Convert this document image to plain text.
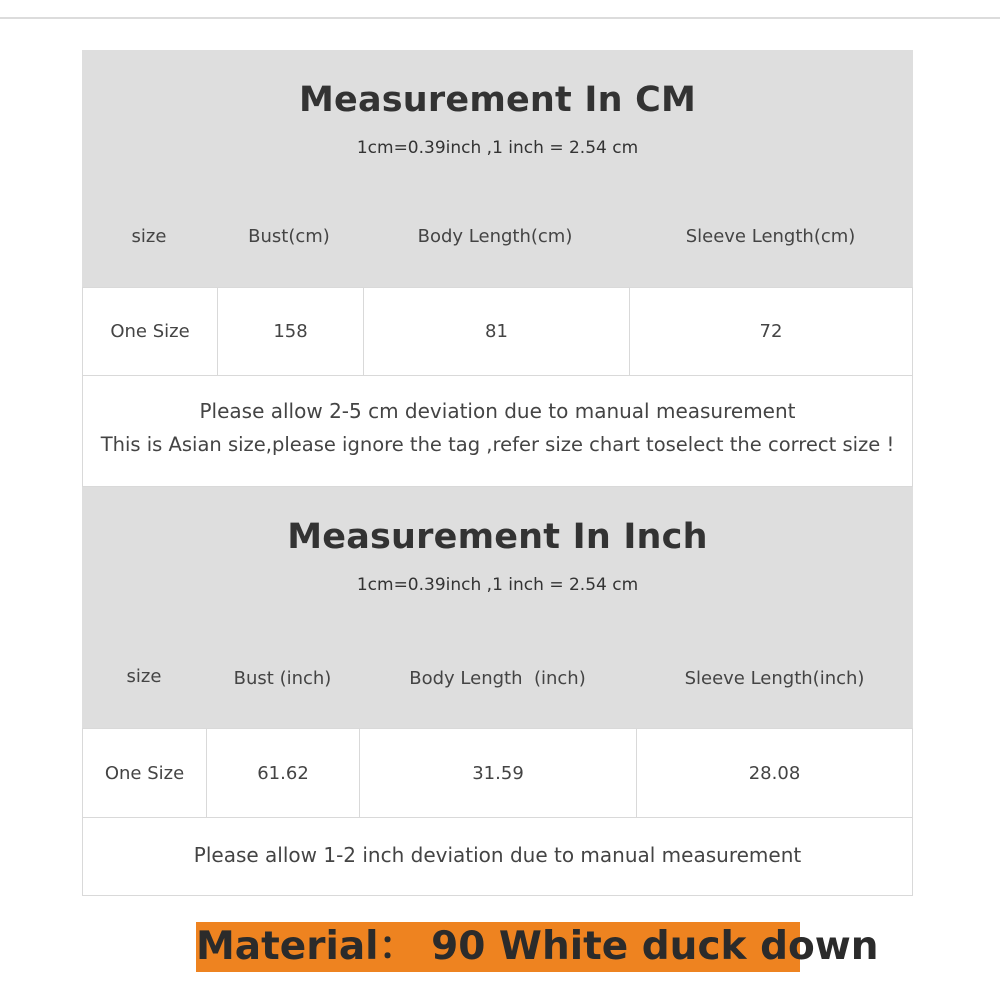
Measurement In CM
1cm=0.39inch ,1 inch = 2.54 cm
size	Bust(cm)	Body Length(cm)	Sleeve Length(cm)
One Size	158	81	72
Please allow 2-5 cm deviation due to manual measurement
This is Asian size,please ignore the tag ,refer size chart toselect the correct size !
Measurement In Inch
1cm=0.39inch ,1 inch = 2.54 cm
size	Bust (inch)	Body Length  (inch)	Sleeve Length(inch)
One Size	61.62	31.59	28.08
Please allow 1-2 inch deviation due to manual measurement
Material： 90 White duck down
